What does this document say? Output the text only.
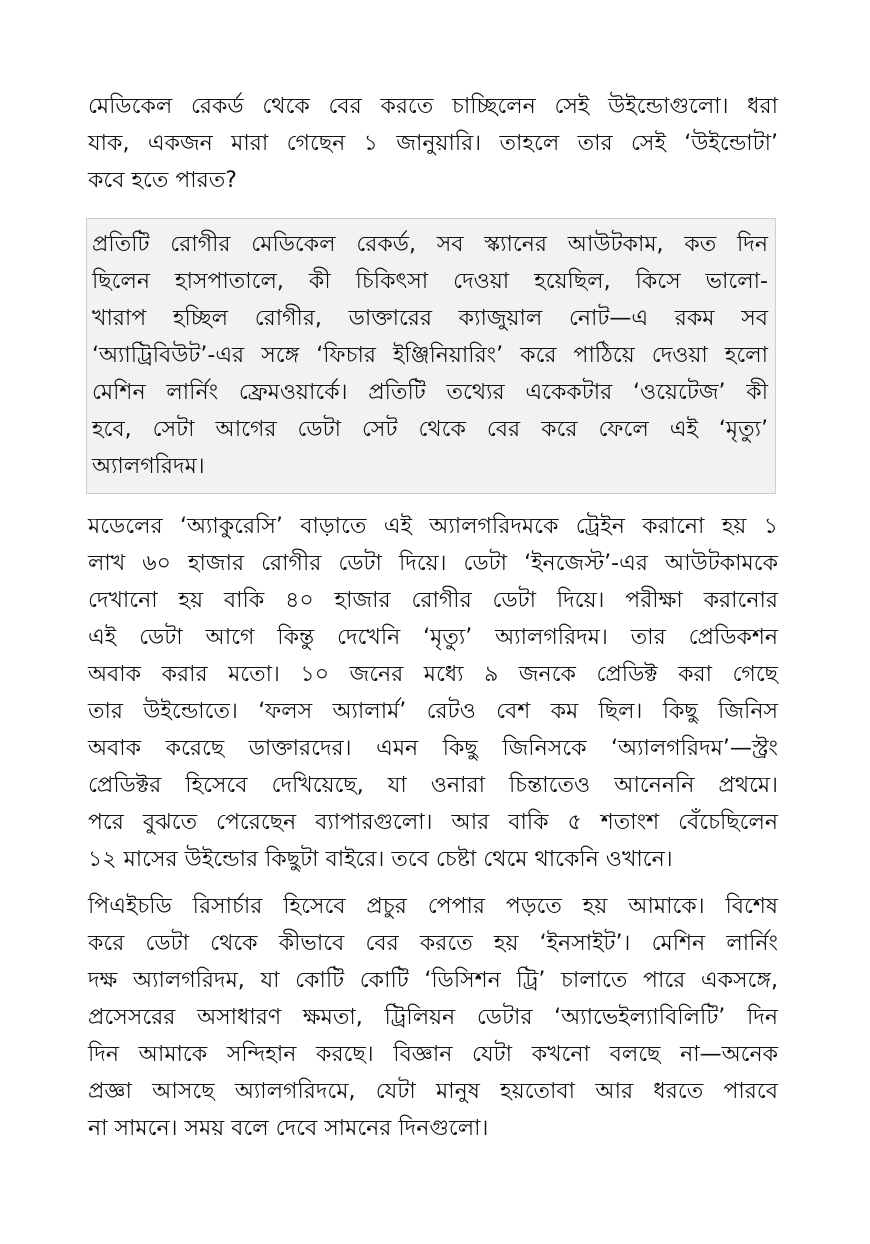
মেডিকেল রেকর্ড থেকে বের করতে চাচ্ছিলেন সেই উইন্ডোগুলো। ধরা
যাক, একজন মারা গেছেন ১ জানুয়ারি। তাহলে তার সেই ‘উইন্ডোটা’
কবে হতে পারত?

প্রতিটি রোগীর মেডিকেল রেকর্ড, সব স্ক্যানের আউটকাম, কত দিন
ছিলেন হাসপাতালে, কী চিকিৎসা দেওয়া হয়েছিল, কিসে ভালো-
খারাপ হচ্ছিল রোগীর, ডাক্তারের ক্যাজুয়াল নোট—এ রকম সব
‘অ্যাট্রিবিউট’-এর সঙ্গে ‘ফিচার ইঞ্জিনিয়ারিং’ করে পাঠিয়ে দেওয়া হলো
মেশিন লার্নিং ফ্রেমওয়ার্কে। প্রতিটি তথ্যের একেকটার ‘ওয়েটেজ’ কী
হবে, সেটা আগের ডেটা সেট থেকে বের করে ফেলে এই ‘মৃত্যু’
অ্যালগরিদম।

মডেলের ‘অ্যাকুরেসি’ বাড়াতে এই অ্যালগরিদমকে ট্রেইন করানো হয় ১
লাখ ৬০ হাজার রোগীর ডেটা দিয়ে। ডেটা ‘ইনজেস্ট’-এর আউটকামকে
দেখানো হয় বাকি ৪০ হাজার রোগীর ডেটা দিয়ে। পরীক্ষা করানোর
এই ডেটা আগে কিন্তু দেখেনি ‘মৃত্যু’ অ্যালগরিদম। তার প্রেডিকশন
অবাক করার মতো। ১০ জনের মধ্যে ৯ জনকে প্রেডিক্ট করা গেছে
তার উইন্ডোতে। ‘ফলস অ্যালার্ম’ রেটও বেশ কম ছিল। কিছু জিনিস
অবাক করেছে ডাক্তারদের। এমন কিছু জিনিসকে ‘অ্যালগরিদম’—স্ট্রং
প্রেডিক্টর হিসেবে দেখিয়েছে, যা ওনারা চিন্তাতেও আনেননি প্রথমে।
পরে বুঝতে পেরেছেন ব্যাপারগুলো। আর বাকি ৫ শতাংশ বেঁচেছিলেন
১২ মাসের উইন্ডোর কিছুটা বাইরে। তবে চেষ্টা থেমে থাকেনি ওখানে।

পিএইচডি রিসার্চার হিসেবে প্রচুর পেপার পড়তে হয় আমাকে। বিশেষ
করে ডেটা থেকে কীভাবে বের করতে হয় ‘ইনসাইট’। মেশিন লার্নিং
দক্ষ অ্যালগরিদম, যা কোটি কোটি ‘ডিসিশন ট্রি’ চালাতে পারে একসঙ্গে,
প্রসেসরের অসাধারণ ক্ষমতা, ট্রিলিয়ন ডেটার ‘অ্যাভেইল্যাবিলিটি’ দিন
দিন আমাকে সন্দিহান করছে। বিজ্ঞান যেটা কখনো বলছে না—অনেক
প্রজ্ঞা আসছে অ্যালগরিদমে, যেটা মানুষ হয়তোবা আর ধরতে পারবে
না সামনে। সময় বলে দেবে সামনের দিনগুলো।
